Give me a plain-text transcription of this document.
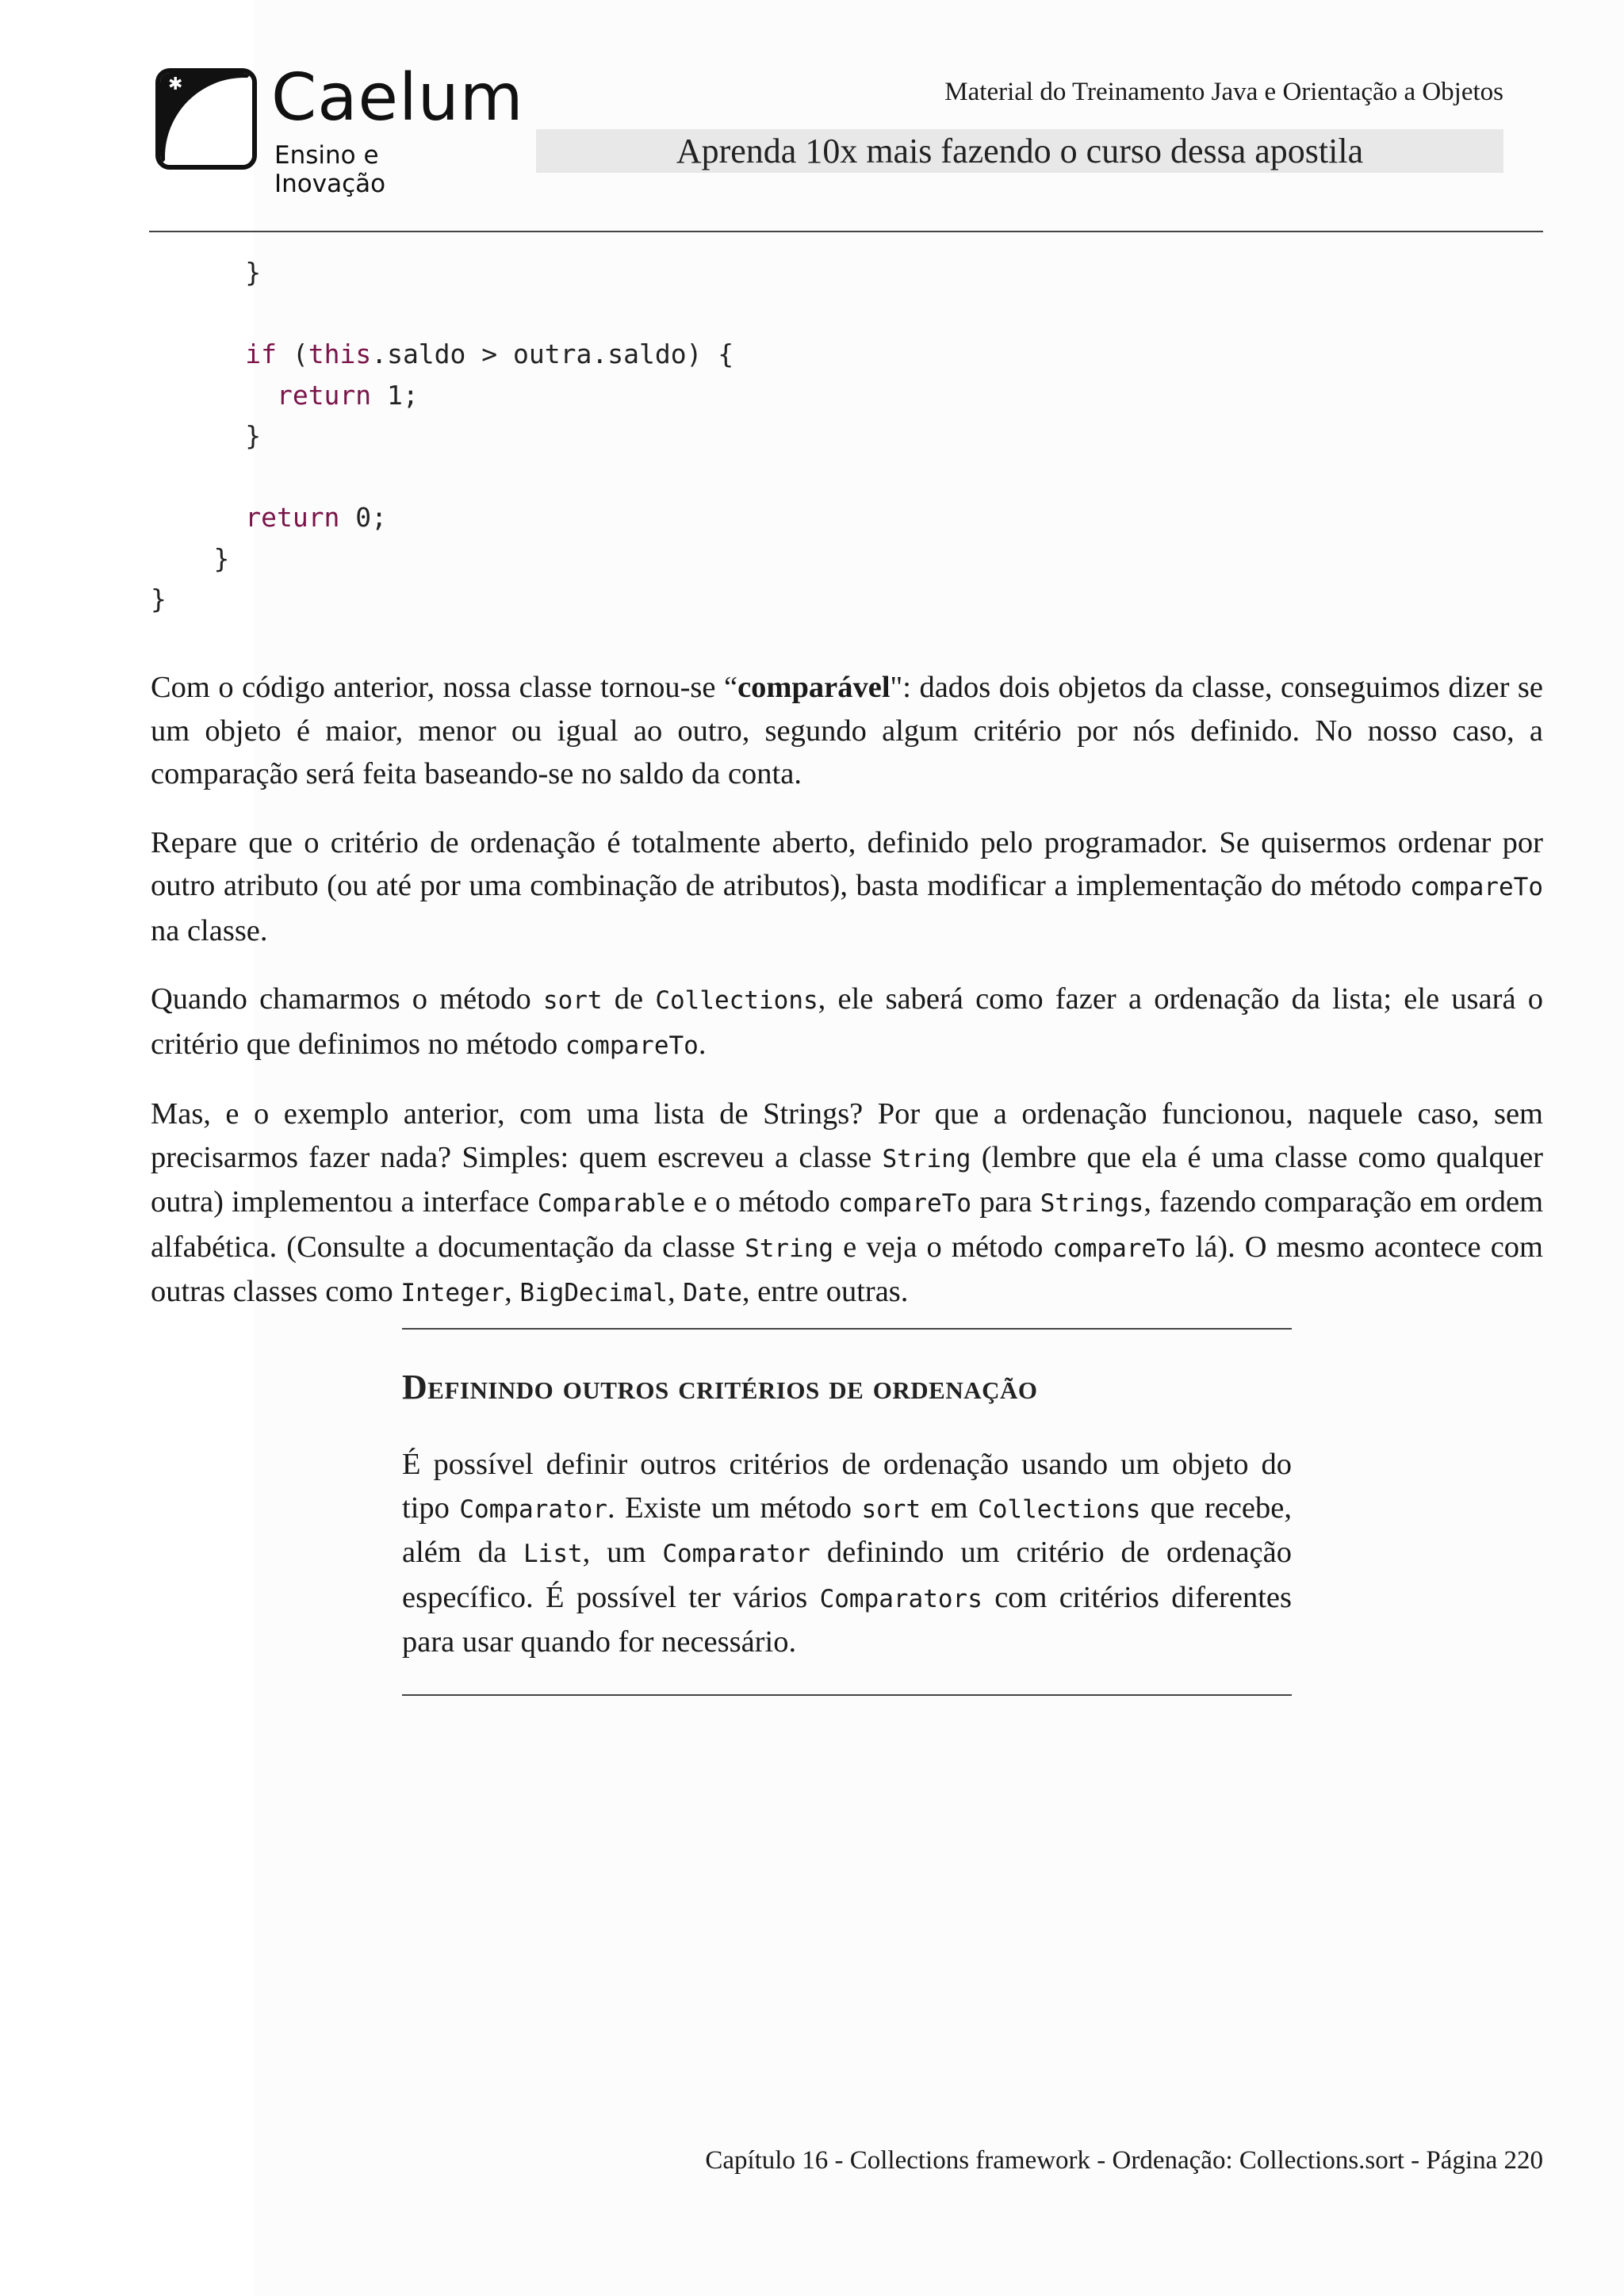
✱ Caelum
Ensino e Inovação
Material do Treinamento Java e Orientação a Objetos
Aprenda 10x mais fazendo o curso dessa apostila
}
if (this.saldo > outra.saldo) {
return 1;
}
return 0;
}
}

Com o código anterior, nossa classe tornou-se “comparável": dados dois objetos da classe, conseguimos dizer se um objeto é maior, menor ou igual ao outro, segundo algum critério por nós definido. No nosso caso, a comparação será feita baseando-se no saldo da conta.

Repare que o critério de ordenação é totalmente aberto, definido pelo programador. Se quisermos ordenar por outro atributo (ou até por uma combinação de atributos), basta modificar a implementação do método compareTo na classe.

Quando chamarmos o método sort de Collections, ele saberá como fazer a ordenação da lista; ele usará o critério que definimos no método compareTo.

Mas, e o exemplo anterior, com uma lista de Strings? Por que a ordenação funcionou, naquele caso, sem precisarmos fazer nada? Simples: quem escreveu a classe String (lembre que ela é uma classe como qualquer outra) implementou a interface Comparable e o método compareTo para Strings, fazendo comparação em ordem alfabética. (Consulte a documentação da classe String e veja o método compareTo lá). O mesmo acontece com outras classes como Integer, BigDecimal, Date, entre outras.

Definindo outros critérios de ordenação
É possível definir outros critérios de ordenação usando um objeto do tipo Comparator. Existe um método sort em Collections que recebe, além da List, um Comparator definindo um critério de ordenação específico. É possível ter vários Comparators com critérios diferentes para usar quando for necessário.
Capítulo 16 - Collections framework - Ordenação: Collections.sort - Página 220
